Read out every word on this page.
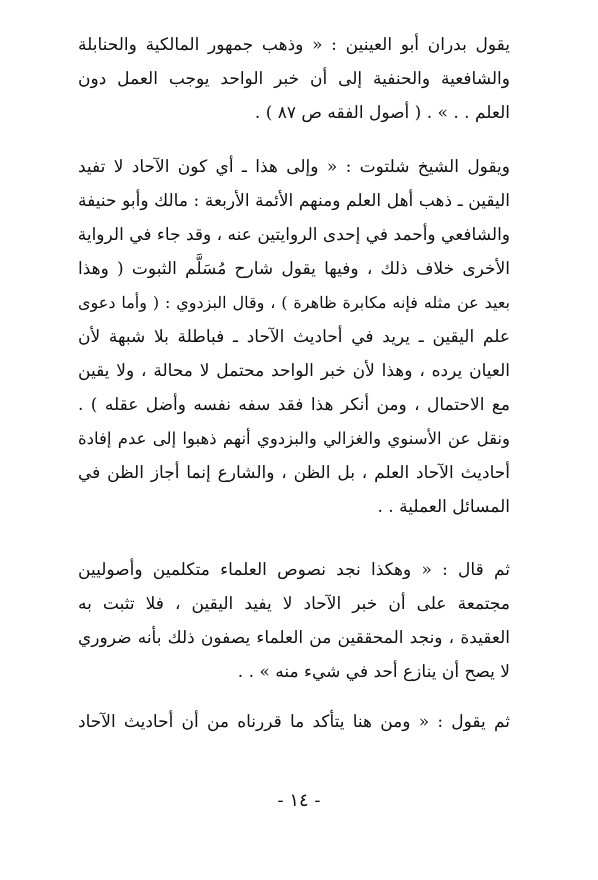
يقول بدران أبو العينين : « وذهب جمهور المالكية والحنابلة
والشافعية والحنفية إلى أن خبر الواحد يوجب العمل دون
العلم . . » . ( أصول الفقه ص ٨٧ ) .
ويقول الشيخ شلتوت : « وإلى هذا ـ أي كون الآحاد لا تفيد
اليقين ـ ذهب أهل العلم ومنهم الأئمة الأربعة : مالك وأبو حنيفة
والشافعي وأحمد في إحدى الروايتين عنه ، وقد جاء في الرواية
الأخرى خلاف ذلك ، وفيها يقول شارح مُسَلَّم الثبوت ( وهذا
بعيد عن مثله فإنه مكابرة ظاهرة ) ، وقال البزدوي : ( وأما دعوى
علم اليقين ـ يريد في أحاديث الآحاد ـ فباطلة بلا شبهة لأن
العيان يرده ، وهذا لأن خبر الواحد محتمل لا محالة ، ولا يقين
مع الاحتمال ، ومن أنكر هذا فقد سفه نفسه وأضل عقله ) .
ونقل عن الأسنوي والغزالي والبزدوي أنهم ذهبوا إلى عدم إفادة
أحاديث الآحاد العلم ، بل الظن ، والشارع إنما أجاز الظن في
المسائل العملية . .
ثم قال : « وهكذا نجد نصوص العلماء متكلمين وأصوليين
مجتمعة على أن خبر الآحاد لا يفيد اليقين ، فلا تثبت به
العقيدة ، ونجد المحققين من العلماء يصفون ذلك بأنه ضروري
لا يصح أن ينازع أحد في شيء منه » . .
ثم يقول : « ومن هنا يتأكد ما قررناه من أن أحاديث الآحاد
- ١٤ -
